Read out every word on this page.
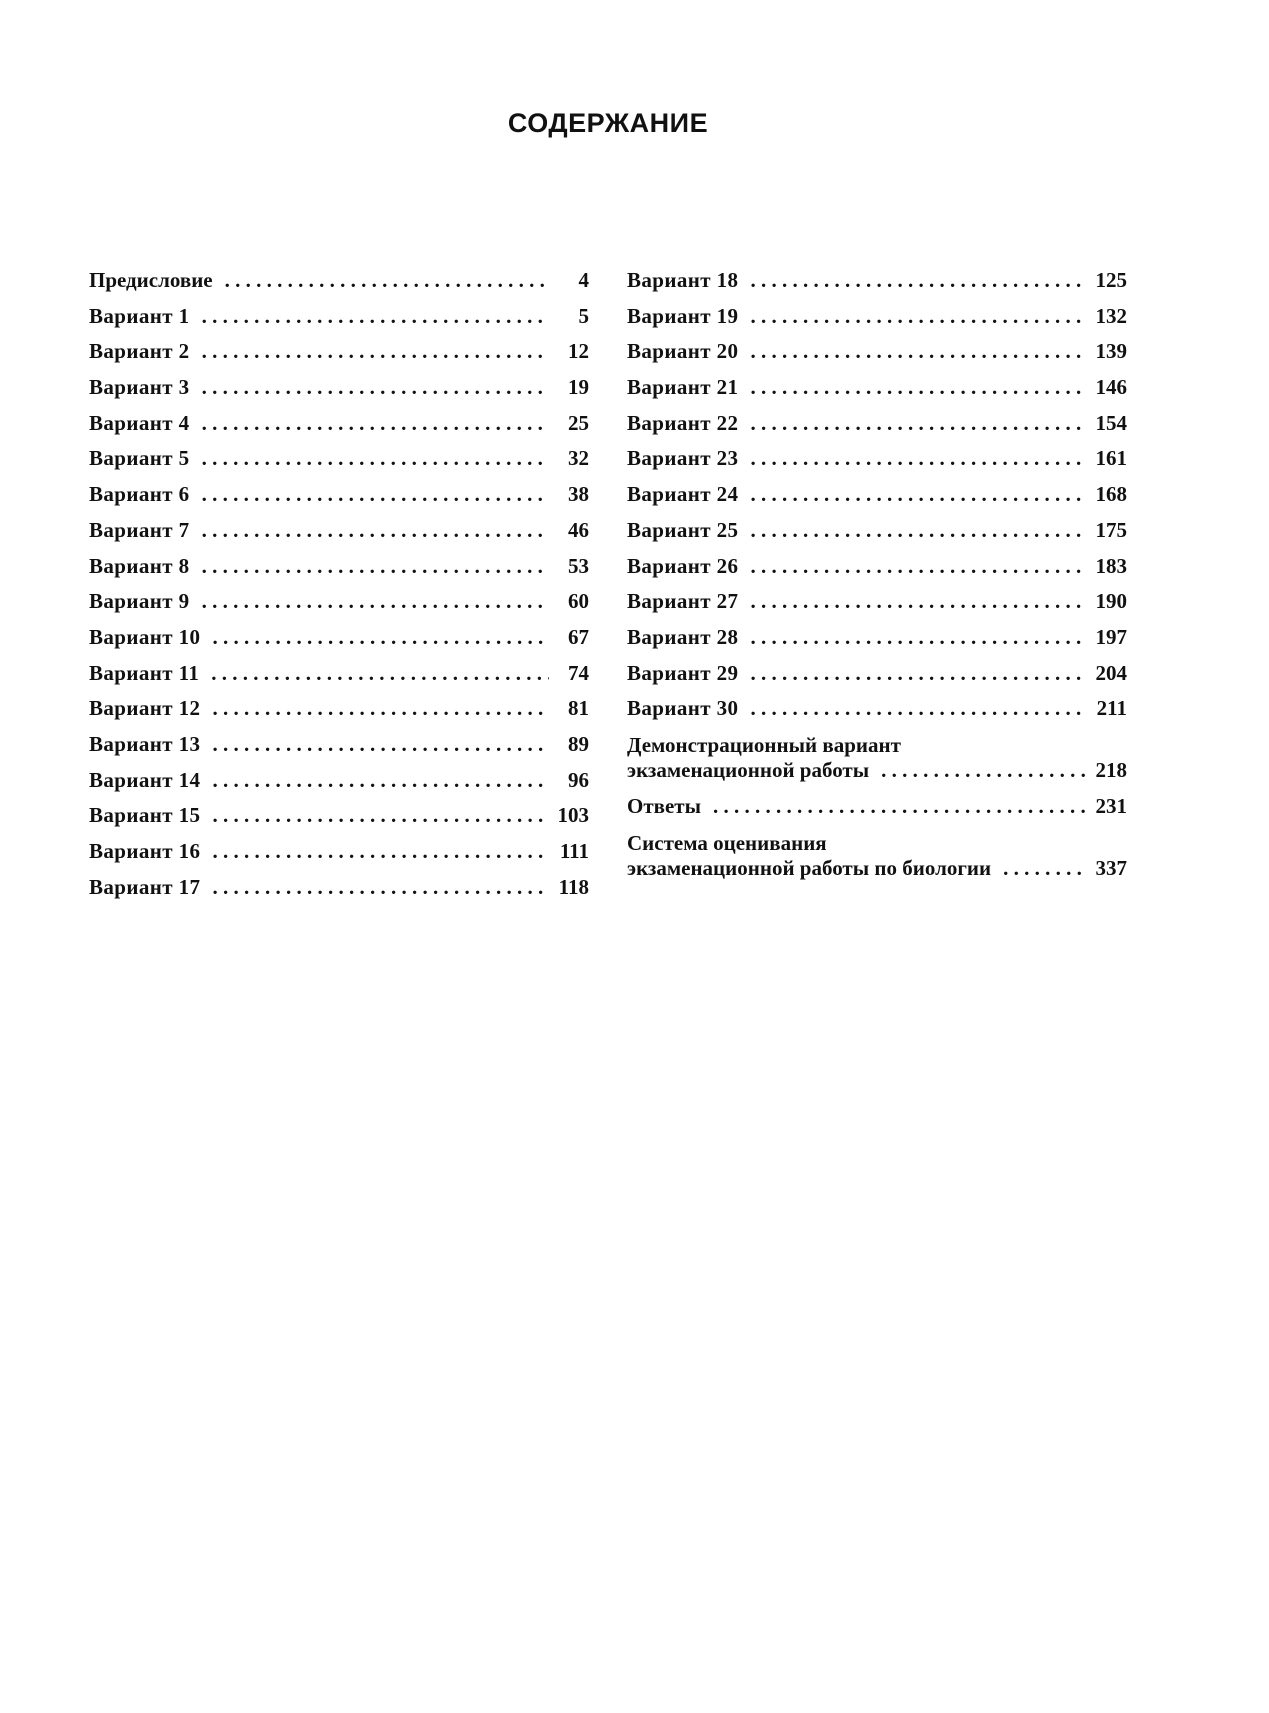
СОДЕРЖАНИЕ
Предисловие . . .	4
Вариант 1 . . .	5
Вариант 2 . . .	12
Вариант 3 . . .	19
Вариант 4 . . .	25
Вариант 5 . . .	32
Вариант 6 . . .	38
Вариант 7 . . .	46
Вариант 8 . . .	53
Вариант 9 . . .	60
Вариант 10 . . .	67
Вариант 11 . . .	74
Вариант 12 . . .	81
Вариант 13 . . .	89
Вариант 14 . . .	96
Вариант 15 . . .	103
Вариант 16 . . .	111
Вариант 17 . . .	118
Вариант 18 . . .	125
Вариант 19 . . .	132
Вариант 20 . . .	139
Вариант 21 . . .	146
Вариант 22 . . .	154
Вариант 23 . . .	161
Вариант 24 . . .	168
Вариант 25 . . .	175
Вариант 26 . . .	183
Вариант 27 . . .	190
Вариант 28 . . .	197
Вариант 29 . . .	204
Вариант 30 . . .	211
Демонстрационный вариант
экзаменационной работы . . .	218
Ответы . . .	231
Система оценивания
экзаменационной работы по биологии . . .	337
